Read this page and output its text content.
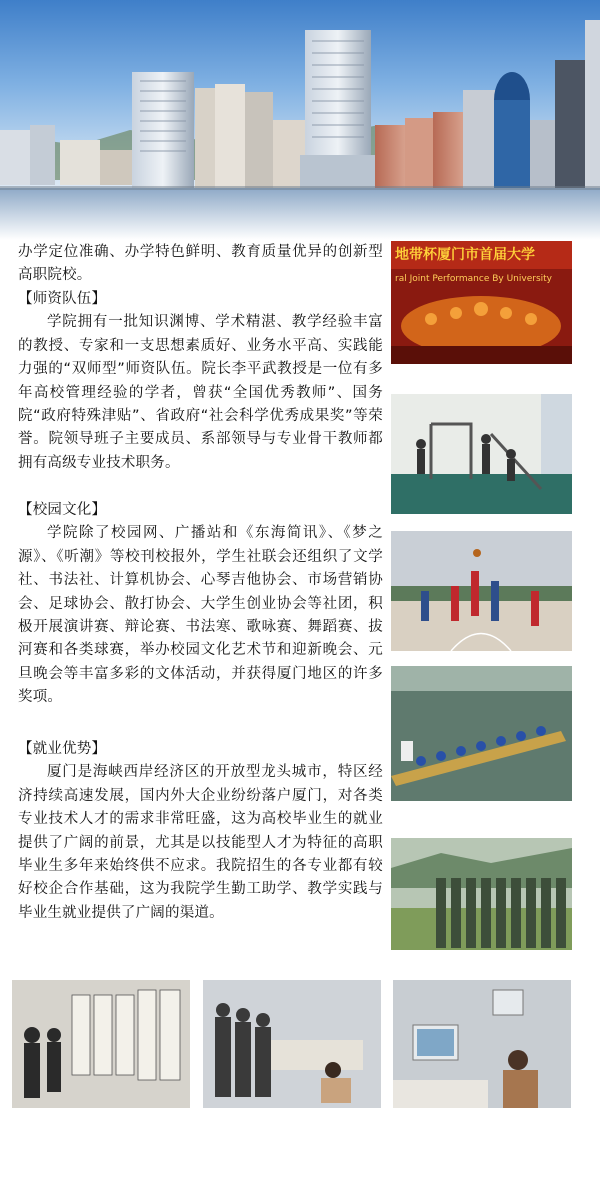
办学定位准确、办学特色鲜明、教育质量优异的创新型高职院校。

【师资队伍】

学院拥有一批知识渊博、学术精湛、教学经验丰富的教授、专家和一支思想素质好、业务水平高、实践能力强的“双师型”师资队伍。院长李平武教授是一位有多年高校管理经验的学者，曾获“全国优秀教师”、国务院“政府特殊津贴”、省政府“社会科学优秀成果奖”等荣誉。院领导班子主要成员、系部领导与专业骨干教师都拥有高级专业技术职务。

【校园文化】

学院除了校园网、广播站和《东海简讯》、《梦之源》、《听潮》等校刊校报外，学生社联会还组织了文学社、书法社、计算机协会、心琴吉他协会、市场营销协会、足球协会、散打协会、大学生创业协会等社团，积极开展演讲赛、辩论赛、书法寒、歌咏赛、舞蹈赛、拔河赛和各类球赛，举办校园文化艺术节和迎新晚会、元旦晚会等丰富多彩的文体活动，并获得厦门地区的许多奖项。

【就业优势】

厦门是海峡西岸经济区的开放型龙头城市，特区经济持续高速发展，国内外大企业纷纷落户厦门，对各类专业技术人才的需求非常旺盛，这为高校毕业生的就业提供了广阔的前景，尤其是以技能型人才为特征的高职毕业生多年来始终供不应求。我院招生的各专业都有较好校企合作基础，这为我院学生勤工助学、教学实践与毕业生就业提供了广阔的渠道。

地带杯厦门市首届大学
ral Joint Performance By University
